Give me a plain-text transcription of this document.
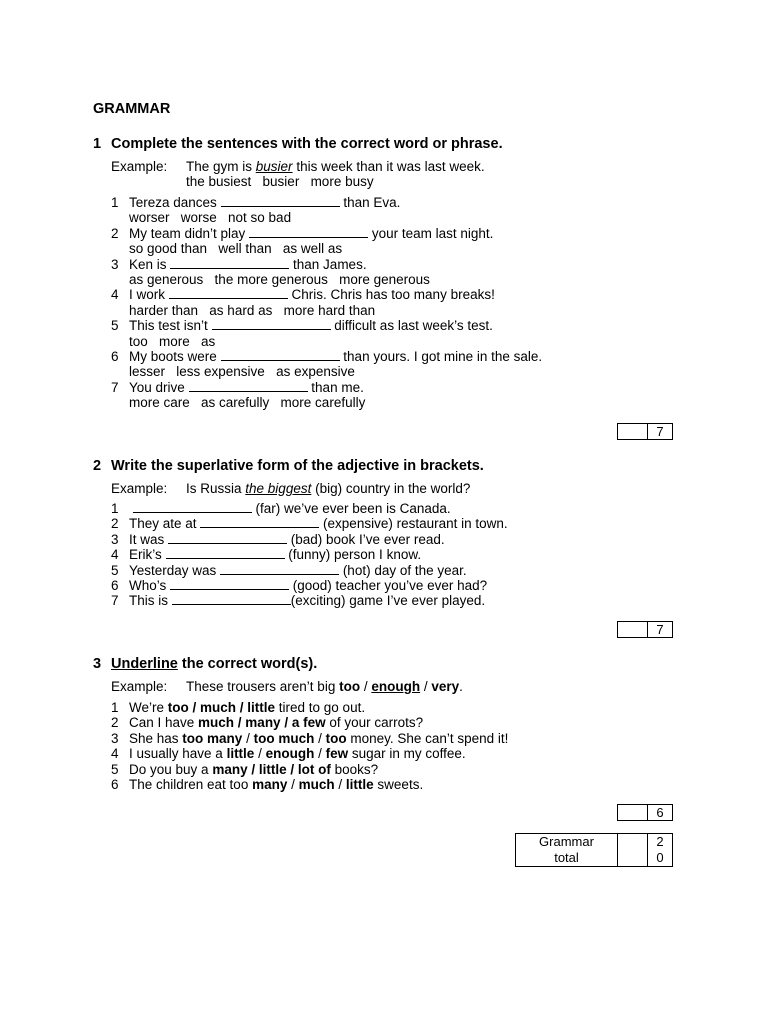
GRAMMAR
1 Complete the sentences with the correct word or phrase.
Example: The gym is busier this week than it was last week.
the busiest   busier   more busy
1 Tereza dances	than Eva.
worser   worse   not so bad
2 My team didn’t play	your team last night.
so good than   well than   as well as
3 Ken is	than James.
as generous   the more generous   more generous
4 I work	Chris. Chris has too many breaks!
harder than   as hard as   more hard than
5 This test isn’t	difficult as last week’s test.
too   more   as
6 My boots were	than yours. I got mine in the sale.
lesser   less expensive   as expensive
7 You drive	than me.
more care   as carefully   more carefully
7
2 Write the superlative form of the adjective in brackets.
Example: Is Russia the biggest (big) country in the world?
1	(far) we’ve ever been is Canada.
2 They ate at	(expensive) restaurant in town.
3 It was	(bad) book I’ve ever read.
4 Erik’s	(funny) person I know.
5 Yesterday was	(hot) day of the year.
6 Who’s	(good) teacher you’ve ever had?
7 This is	(exciting) game I’ve ever played.
7
3 Underline the correct word(s).
Example: These trousers aren’t big too / enough / very.
1 We’re too / much / little tired to go out.
2 Can I have much / many / a few of your carrots?
3 She has too many / too much / too money. She can’t spend it!
4 I usually have a little / enough / few sugar in my coffee.
5 Do you buy a many / little / lot of books?
6 The children eat too many / much / little sweets.
6
Grammar
total
20
